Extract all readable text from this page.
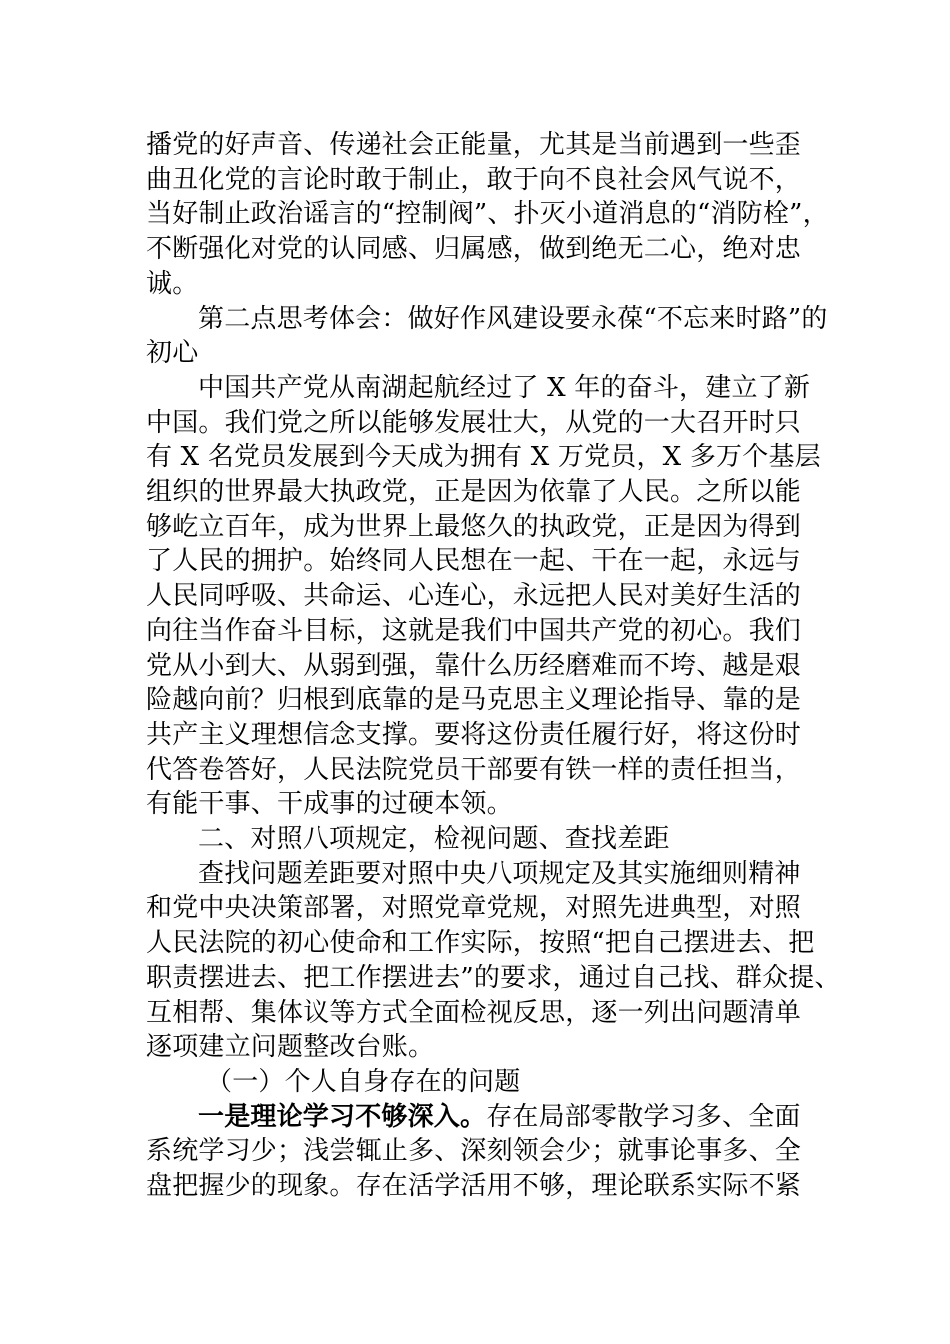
播党的好声音、传递社会正能量，尤其是当前遇到一些歪
曲丑化党的言论时敢于制止，敢于向不良社会风气说不，
当好制止政治谣言的“控制阀”、扑灭小道消息的“消防栓”，
不断强化对党的认同感、归属感，做到绝无二心，绝对忠
诚。
第二点思考体会：做好作风建设要永葆“不忘来时路”的
初心
中国共产党从南湖起航经过了 X 年的奋斗，建立了新
中国。我们党之所以能够发展壮大，从党的一大召开时只
有 X 名党员发展到今天成为拥有 X 万党员，X 多万个基层
组织的世界最大执政党，正是因为依靠了人民。之所以能
够屹立百年，成为世界上最悠久的执政党，正是因为得到
了人民的拥护。始终同人民想在一起、干在一起，永远与
人民同呼吸、共命运、心连心，永远把人民对美好生活的
向往当作奋斗目标，这就是我们中国共产党的初心。我们
党从小到大、从弱到强，靠什么历经磨难而不垮、越是艰
险越向前？归根到底靠的是马克思主义理论指导、靠的是
共产主义理想信念支撑。要将这份责任履行好，将这份时
代答卷答好，人民法院党员干部要有铁一样的责任担当，
有能干事、干成事的过硬本领。
二、对照八项规定，检视问题、查找差距
查找问题差距要对照中央八项规定及其实施细则精神
和党中央决策部署，对照党章党规，对照先进典型，对照
人民法院的初心使命和工作实际，按照“把自己摆进去、把
职责摆进去、把工作摆进去”的要求，通过自己找、群众提、
互相帮、集体议等方式全面检视反思，逐一列出问题清单
逐项建立问题整改台账。
（一）个人自身存在的问题
一是理论学习不够深入。存在局部零散学习多、全面
系统学习少；浅尝辄止多、深刻领会少；就事论事多、全
盘把握少的现象。存在活学活用不够，理论联系实际不紧
